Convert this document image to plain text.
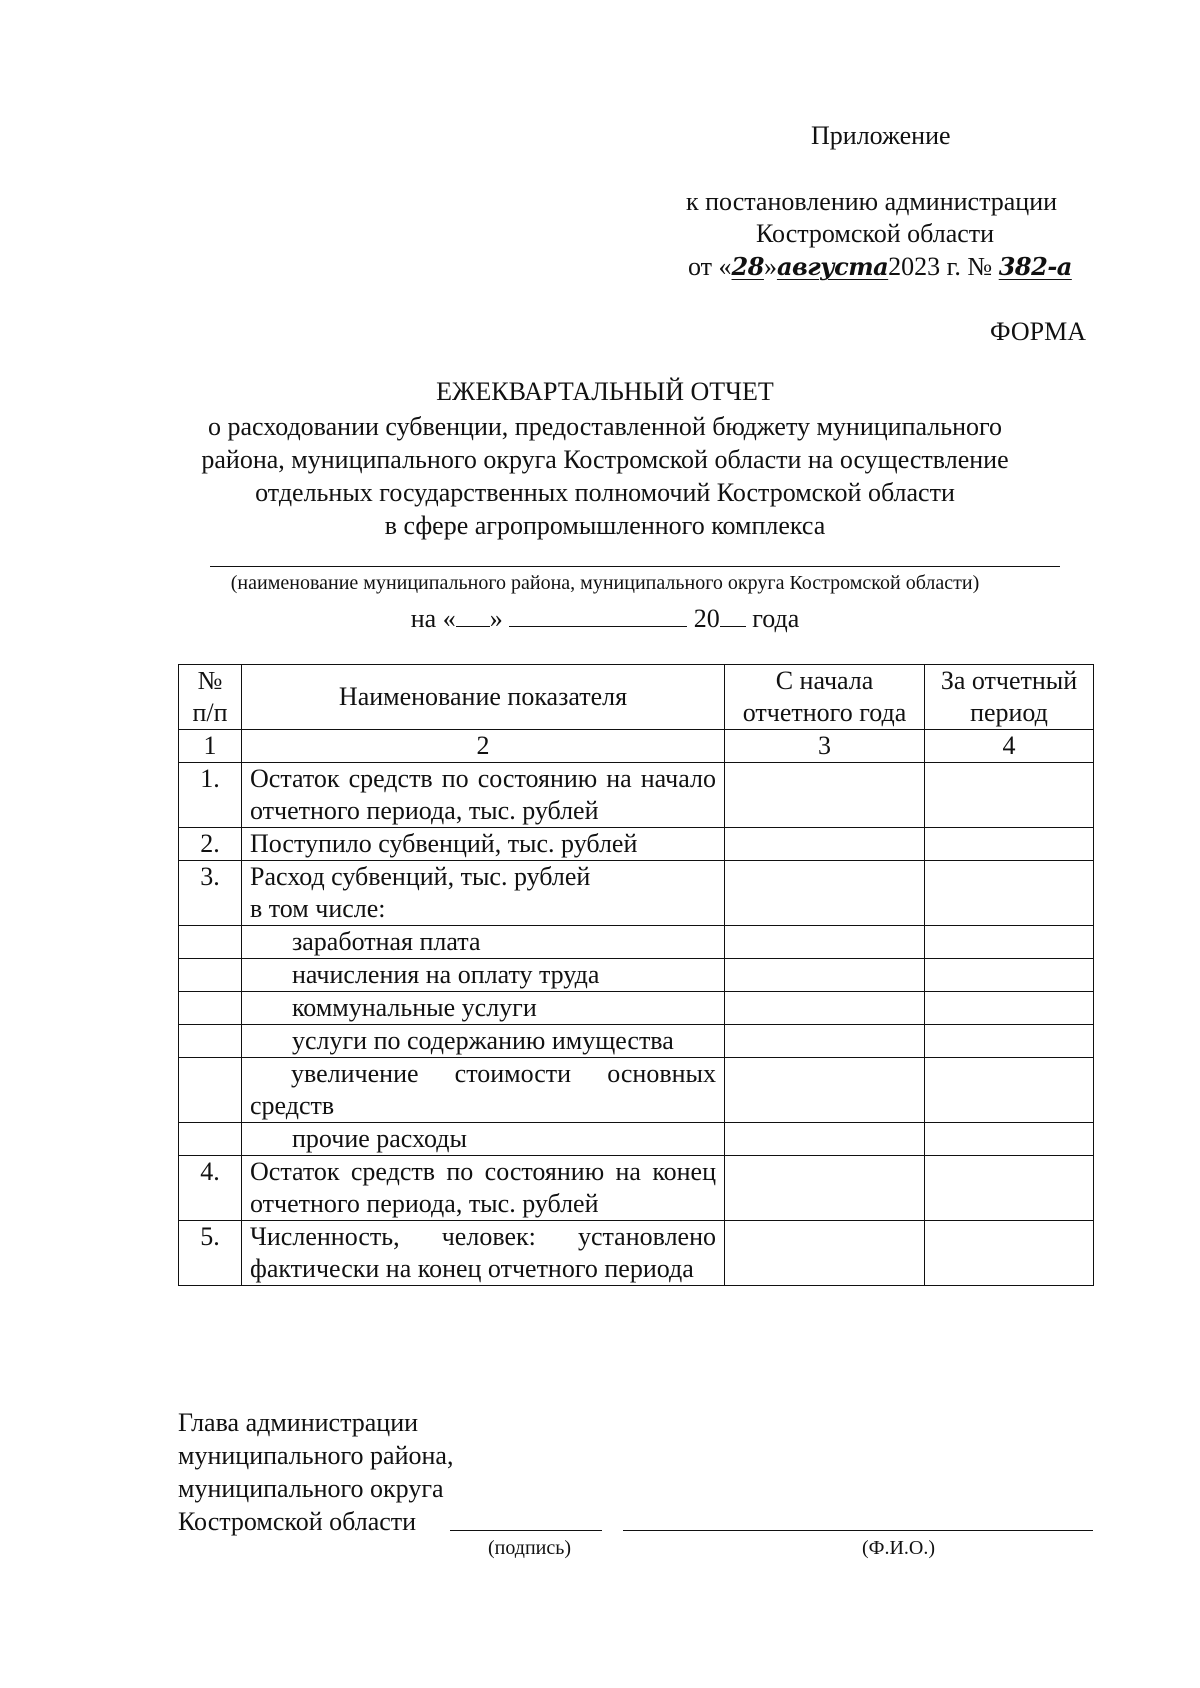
Приложение
к постановлению администрации
Костромской области
от «28»августа2023 г. № 382-а
ФОРМА
ЕЖЕКВАРТАЛЬНЫЙ ОТЧЕТ
о расходовании субвенции, предоставленной бюджету муниципального
района, муниципального округа Костромской области на осуществление
отдельных государственных полномочий Костромской области
в сфере агропромышленного комплекса
(наименование муниципального района, муниципального округа Костромской области)
на « »	20 года
№ п/п	Наименование показателя	С начала отчетного года	За отчетный период
1	2	3	4
1.	Остаток средств по состоянию на начало отчетного периода, тыс. рублей		
2.	Поступило субвенций, тыс. рублей		
3.	Расход субвенций, тыс. рублей
в том числе:		

	заработная плата		
	начисления на оплату труда		
	коммунальные услуги		
	услуги по содержанию имущества		
	увеличение стоимости основных средств		
	прочие расходы		
4.	Остаток средств по состоянию на конец отчетного периода, тыс. рублей		
5.	Численность, человек: установлено фактически на конец отчетного периода		
Глава администрации
муниципального района,
муниципального округа
Костромской области
(подпись)	(Ф.И.О.)
